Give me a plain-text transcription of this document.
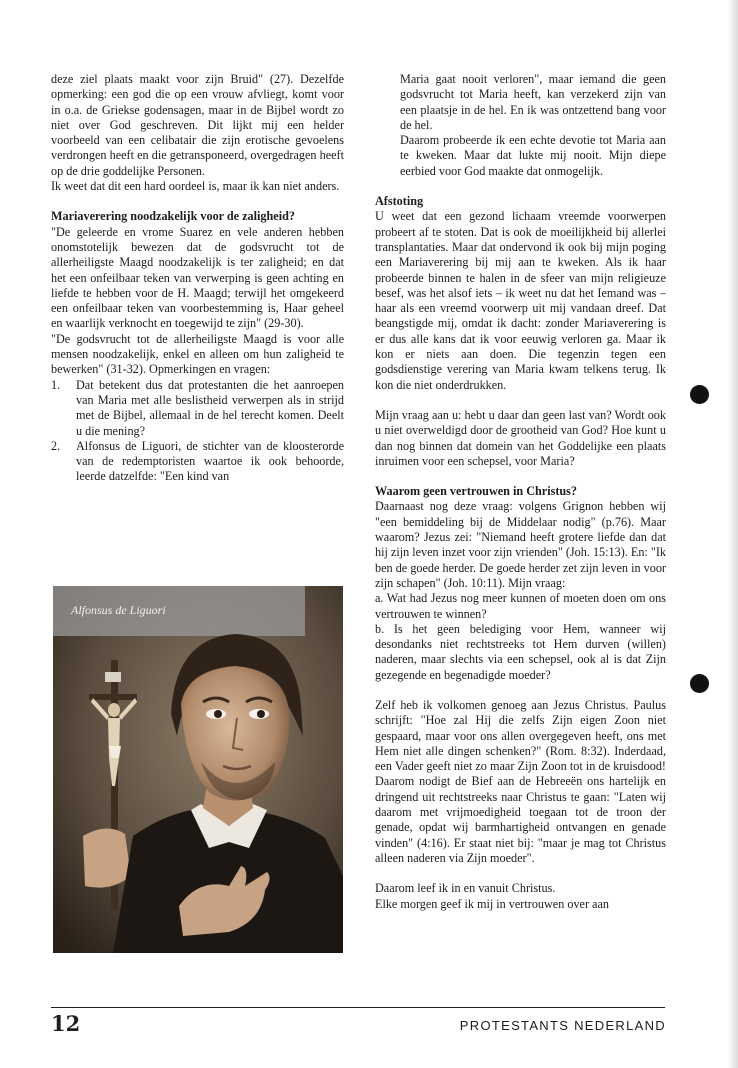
deze ziel plaats maakt voor zijn Bruid" (27). Dezelfde opmerking: een god die op een vrouw afvliegt, komt voor in o.a. de Griekse godensagen, maar in de Bijbel wordt zo niet over God geschreven. Dit lijkt mij een helder voorbeeld van een celibatair die zijn erotische gevoelens verdrongen heeft en die getransponeerd, overgedragen heeft op de drie goddelijke Personen.

Ik weet dat dit een hard oordeel is, maar ik kan niet anders.

Mariaverering noodzakelijk voor de zaligheid?

"De geleerde en vrome Suarez en vele anderen hebben onomstotelijk bewezen dat de godsvrucht tot de allerheiligste Maagd noodzakelijk is ter zaligheid; en dat het een onfeilbaar teken van verwerping is geen achting en liefde te hebben voor de H. Maagd; terwijl het omgekeerd een onfeilbaar teken van voorbestemming is, Haar geheel en waarlijk verknocht en toegewijd te zijn" (29-30).

"De godsvrucht tot de allerheiligste Maagd is voor alle mensen noodzakelijk, enkel en alleen om hun zaligheid te bewerken" (31-32). Opmerkingen en vragen:

1. Dat betekent dus dat protestanten die het aanroepen van Maria met alle beslistheid verwerpen als in strijd met de Bijbel, allemaal in de hel terecht komen. Deelt u die mening?
2. Alfonsus de Liguori, de stichter van de kloosterorde van de redemptoristen waartoe ik ook behoorde, leerde datzelfde: "Een kind van
Alfonsus de Liguori

Maria gaat nooit verloren", maar iemand die geen godsvrucht tot Maria heeft, kan verzekerd zijn van een plaatsje in de hel. En ik was ontzettend bang voor de hel.

Daarom probeerde ik een echte devotie tot Maria aan te kweken. Maar dat lukte mij nooit. Mijn diepe eerbied voor God maakte dat onmogelijk.

Afstoting

U weet dat een gezond lichaam vreemde voorwerpen probeert af te stoten. Dat is ook de moeilijkheid bij allerlei transplantaties. Maar dat ondervond ik ook bij mijn poging een Mariaverering bij mij aan te kweken. Als ik haar probeerde binnen te halen in de sfeer van mijn religieuze besef, was het alsof iets – ik weet nu dat het Iemand was – haar als een vreemd voorwerp uit mij vandaan dreef. Dat beangstigde mij, omdat ik dacht: zonder Mariaverering is er dus alle kans dat ik voor eeuwig verloren ga. Maar ik kon er niets aan doen. Die tegenzin tegen een godsdienstige verering van Maria kwam telkens terug. Ik kon die niet onderdrukken.

Mijn vraag aan u: hebt u daar dan geen last van? Wordt ook u niet overweldigd door de grootheid van God? Hoe kunt u dan nog binnen dat domein van het Goddelijke een plaats inruimen voor een schepsel, voor Maria?

Waarom geen vertrouwen in Christus?

Daarnaast nog deze vraag: volgens Grignon hebben wij "een bemiddeling bij de Middelaar nodig" (p.76). Maar waarom? Jezus zei: "Niemand heeft grotere liefde dan dat hij zijn leven inzet voor zijn vrienden" (Joh. 15:13). En: "Ik ben de goede herder. De goede herder zet zijn leven in voor zijn schapen" (Joh. 10:11). Mijn vraag:

a. Wat had Jezus nog meer kunnen of moeten doen om ons vertrouwen te winnen?

b. Is het geen belediging voor Hem, wanneer wij desondanks niet rechtstreeks tot Hem durven (willen) naderen, maar slechts via een schepsel, ook al is dat Zijn gezegende en begenadigde moeder?

Zelf heb ik volkomen genoeg aan Jezus Christus. Paulus schrijft: "Hoe zal Hij die zelfs Zijn eigen Zoon niet gespaard, maar voor ons allen overgegeven heeft, ons met Hem niet alle dingen schenken?" (Rom. 8:32). Inderdaad, een Vader geeft niet zo maar Zijn Zoon tot in de kruisdood! Daarom nodigt de Bief aan de Hebreeën ons hartelijk en dringend uit rechtstreeks naar Christus te gaan: "Laten wij daarom met vrijmoedigheid toegaan tot de troon der genade, opdat wij barmhartigheid ontvangen en genade vinden" (4:16). Er staat niet bij: "maar je mag tot Christus alleen naderen via Zijn moeder".

Daarom leef ik in en vanuit Christus.

Elke morgen geef ik mij in vertrouwen over aan

12	PROTESTANTS NEDERLAND
